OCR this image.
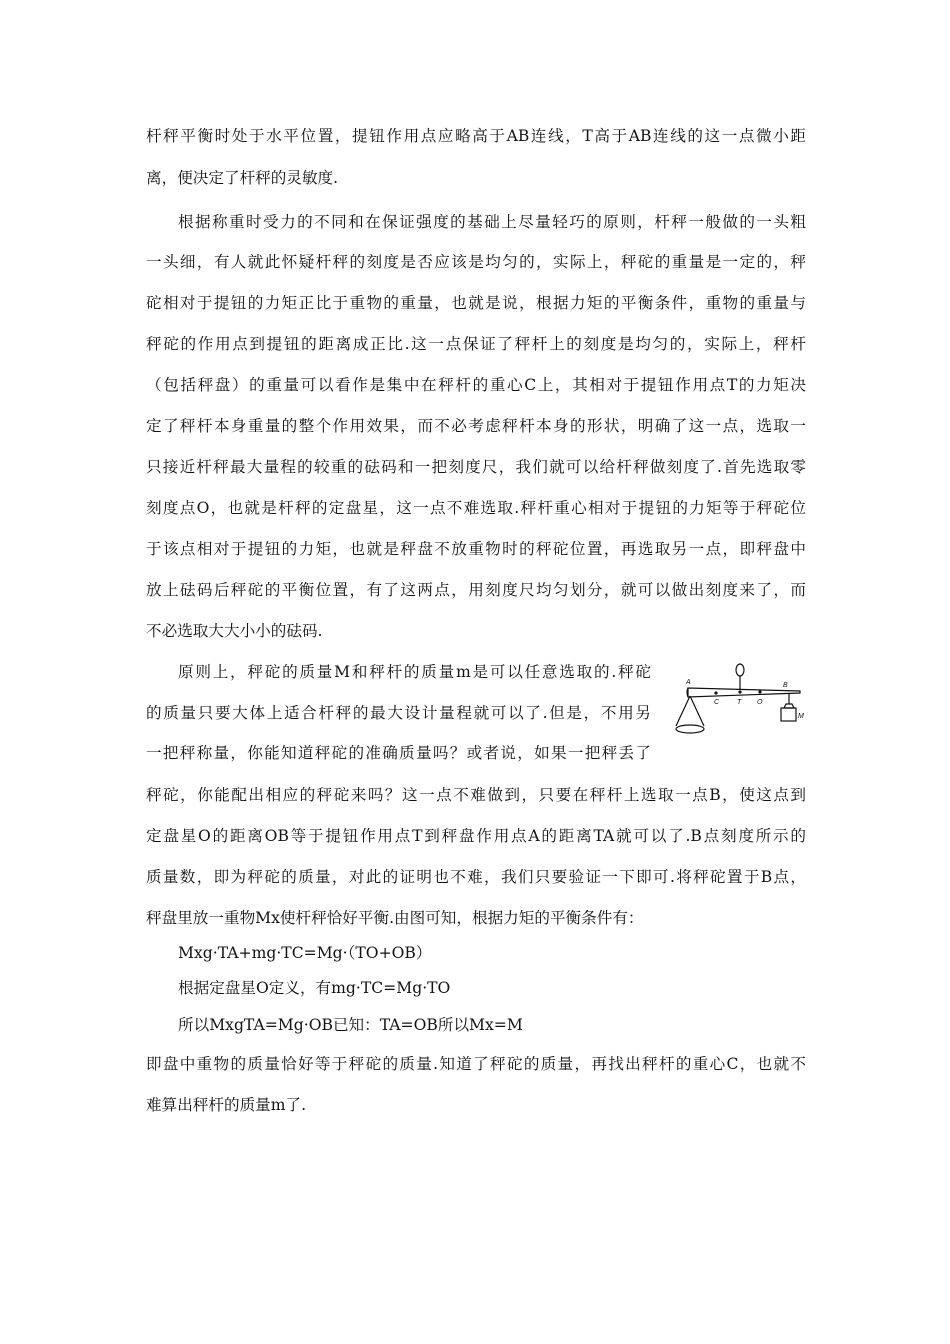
杆秤平衡时处于水平位置，提钮作用点应略高于AB连线，T高于AB连线的这一点微小距
离，便决定了杆秤的灵敏度.
根据称重时受力的不同和在保证强度的基础上尽量轻巧的原则，杆秤一般做的一头粗
一头细，有人就此怀疑杆秤的刻度是否应该是均匀的，实际上，秤砣的重量是一定的，秤
砣相对于提钮的力矩正比于重物的重量，也就是说，根据力矩的平衡条件，重物的重量与
秤砣的作用点到提钮的距离成正比.这一点保证了秤杆上的刻度是均匀的，实际上，秤杆
（包括秤盘）的重量可以看作是集中在秤杆的重心C上，其相对于提钮作用点T的力矩决
定了秤杆本身重量的整个作用效果，而不必考虑秤杆本身的形状，明确了这一点，选取一
只接近杆秤最大量程的较重的砝码和一把刻度尺，我们就可以给杆秤做刻度了.首先选取零
刻度点O，也就是杆秤的定盘星，这一点不难选取.秤杆重心相对于提钮的力矩等于秤砣位
于该点相对于提钮的力矩，也就是秤盘不放重物时的秤砣位置，再选取另一点，即秤盘中
放上砝码后秤砣的平衡位置，有了这两点，用刻度尺均匀划分，就可以做出刻度来了，而
不必选取大大小小的砝码.
原则上，秤砣的质量M和秤杆的质量m是可以任意选取的.秤砣
的质量只要大体上适合杆秤的最大设计量程就可以了.但是，不用另
一把秤称量，你能知道秤砣的准确质量吗？或者说，如果一把秤丢了
秤砣，你能配出相应的秤砣来吗？这一点不难做到，只要在秤杆上选取一点B，使这点到
定盘星O的距离OB等于提钮作用点T到秤盘作用点A的距离TA就可以了.B点刻度所示的
质量数，即为秤砣的质量，对此的证明也不难，我们只要验证一下即可.将秤砣置于B点，
秤盘里放一重物Mx使杆秤恰好平衡.由图可知，根据力矩的平衡条件有：
Mxg·TA+mg·TC=Mg·（TO+OB）
根据定盘星O定义，有mg·TC=Mg·TO
所以MxgTA=Mg·OB已知：TA=OB所以Mx=M
即盘中重物的质量恰好等于秤砣的质量.知道了秤砣的质量，再找出秤杆的重心C，也就不
难算出秤杆的质量m了.
A
C	T O
B
M
